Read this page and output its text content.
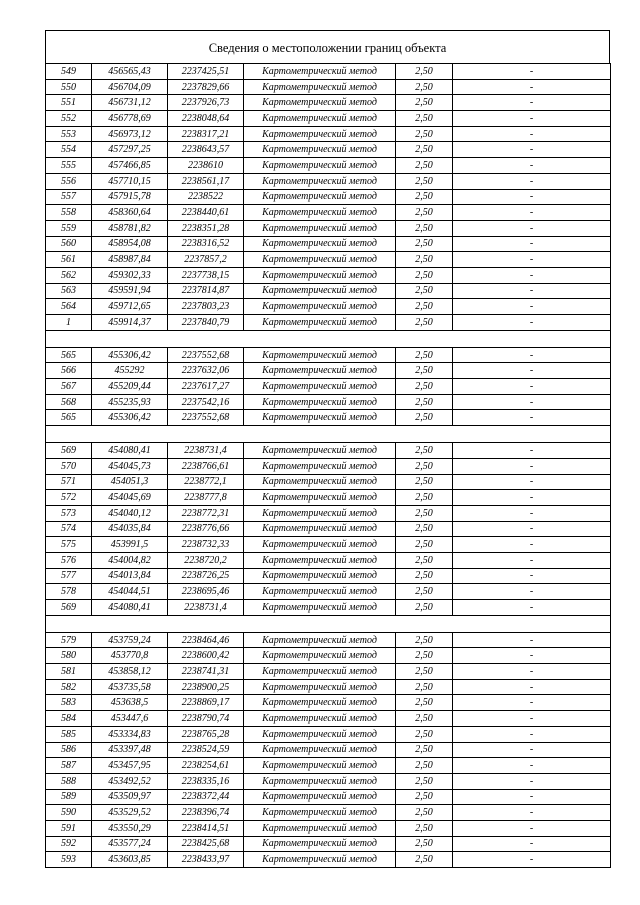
Сведения о местоположении границ объекта
549	456565,43	2237425,51	Картометрический метод	2,50	-
550	456704,09	2237829,66	Картометрический метод	2,50	-
551	456731,12	2237926,73	Картометрический метод	2,50	-
552	456778,69	2238048,64	Картометрический метод	2,50	-
553	456973,12	2238317,21	Картометрический метод	2,50	-
554	457297,25	2238643,57	Картометрический метод	2,50	-
555	457466,85	2238610	Картометрический метод	2,50	-
556	457710,15	2238561,17	Картометрический метод	2,50	-
557	457915,78	2238522	Картометрический метод	2,50	-
558	458360,64	2238440,61	Картометрический метод	2,50	-
559	458781,82	2238351,28	Картометрический метод	2,50	-
560	458954,08	2238316,52	Картометрический метод	2,50	-
561	458987,84	2237857,2	Картометрический метод	2,50	-
562	459302,33	2237738,15	Картометрический метод	2,50	-
563	459591,94	2237814,87	Картометрический метод	2,50	-
564	459712,65	2237803,23	Картометрический метод	2,50	-
1	459914,37	2237840,79	Картометрический метод	2,50	-

565	455306,42	2237552,68	Картометрический метод	2,50	-
566	455292	2237632,06	Картометрический метод	2,50	-
567	455209,44	2237617,27	Картометрический метод	2,50	-
568	455235,93	2237542,16	Картометрический метод	2,50	-
565	455306,42	2237552,68	Картометрический метод	2,50	-

569	454080,41	2238731,4	Картометрический метод	2,50	-
570	454045,73	2238766,61	Картометрический метод	2,50	-
571	454051,3	2238772,1	Картометрический метод	2,50	-
572	454045,69	2238777,8	Картометрический метод	2,50	-
573	454040,12	2238772,31	Картометрический метод	2,50	-
574	454035,84	2238776,66	Картометрический метод	2,50	-
575	453991,5	2238732,33	Картометрический метод	2,50	-
576	454004,82	2238720,2	Картометрический метод	2,50	-
577	454013,84	2238726,25	Картометрический метод	2,50	-
578	454044,51	2238695,46	Картометрический метод	2,50	-
569	454080,41	2238731,4	Картометрический метод	2,50	-

579	453759,24	2238464,46	Картометрический метод	2,50	-
580	453770,8	2238600,42	Картометрический метод	2,50	-
581	453858,12	2238741,31	Картометрический метод	2,50	-
582	453735,58	2238900,25	Картометрический метод	2,50	-
583	453638,5	2238869,17	Картометрический метод	2,50	-
584	453447,6	2238790,74	Картометрический метод	2,50	-
585	453334,83	2238765,28	Картометрический метод	2,50	-
586	453397,48	2238524,59	Картометрический метод	2,50	-
587	453457,95	2238254,61	Картометрический метод	2,50	-
588	453492,52	2238335,16	Картометрический метод	2,50	-
589	453509,97	2238372,44	Картометрический метод	2,50	-
590	453529,52	2238396,74	Картометрический метод	2,50	-
591	453550,29	2238414,51	Картометрический метод	2,50	-
592	453577,24	2238425,68	Картометрический метод	2,50	-
593	453603,85	2238433,97	Картометрический метод	2,50	-
